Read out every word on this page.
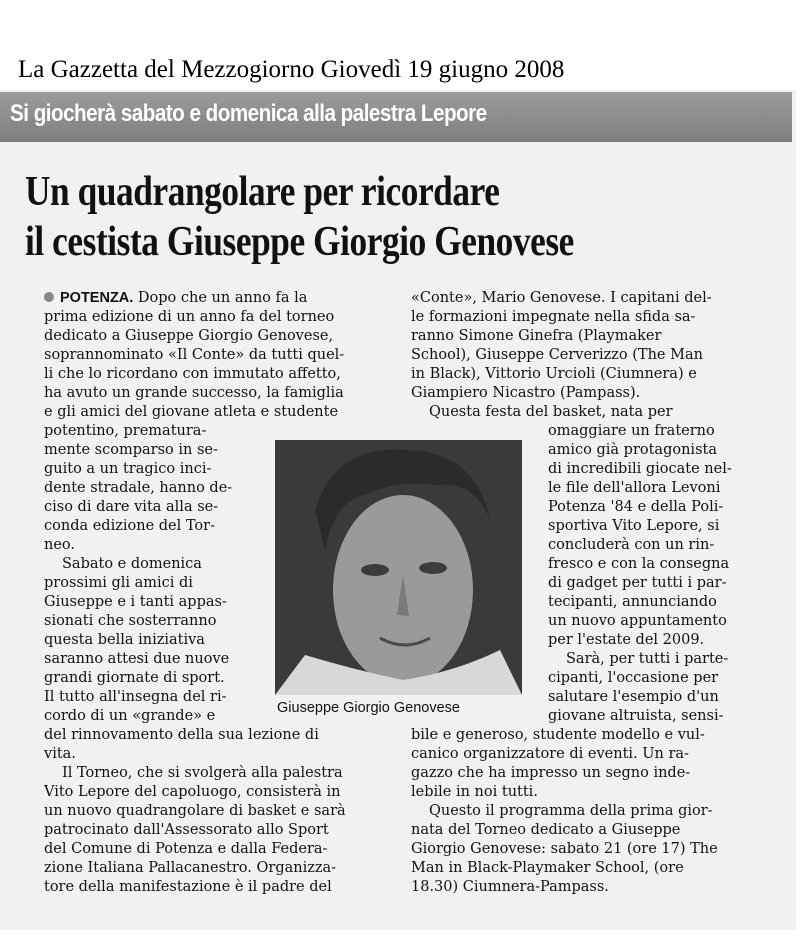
La Gazzetta del Mezzogiorno Giovedì 19 giugno 2008
Si giocherà sabato e domenica alla palestra Lepore
Un quadrangolare per ricordare
il cestista Giuseppe Giorgio Genovese
POTENZA. Dopo che un anno fa la
prima edizione di un anno fa del torneo
dedicato a Giuseppe Giorgio Genovese,
soprannominato «Il Conte» da tutti quel-
li che lo ricordano con immutato affetto,
ha avuto un grande successo, la famiglia
e gli amici del giovane atleta e studente
potentino, prematura-
mente scomparso in se-
guito a un tragico inci-
dente stradale, hanno de-
ciso di dare vita alla se-
conda edizione del Tor-
neo.
Sabato e domenica
prossimi gli amici di
Giuseppe e i tanti appas-
sionati che sosterranno
questa bella iniziativa
saranno attesi due nuove
grandi giornate di sport.
Il tutto all'insegna del ri-
cordo di un «grande» e
del rinnovamento della sua lezione di
vita.
Il Torneo, che si svolgerà alla palestra
Vito Lepore del capoluogo, consisterà in
un nuovo quadrangolare di basket e sarà
patrocinato dall'Assessorato allo Sport
del Comune di Potenza e dalla Federa-
zione Italiana Pallacanestro. Organizza-
tore della manifestazione è il padre del
«Conte», Mario Genovese. I capitani del-
le formazioni impegnate nella sfida sa-
ranno Simone Ginefra (Playmaker
School), Giuseppe Cerverizzo (The Man
in Black), Vittorio Urcioli (Ciumnera) e
Giampiero Nicastro (Pampass).
Questa festa del basket, nata per
omaggiare un fraterno
amico già protagonista
di incredibili giocate nel-
le file dell'allora Levoni
Potenza '84 e della Poli-
sportiva Vito Lepore, si
concluderà con un rin-
fresco e con la consegna
di gadget per tutti i par-
tecipanti, annunciando
un nuovo appuntamento
per l'estate del 2009.
Sarà, per tutti i parte-
cipanti, l'occasione per
salutare l'esempio d'un
giovane altruista, sensi-
bile e generoso, studente modello e vul-
canico organizzatore di eventi. Un ra-
gazzo che ha impresso un segno inde-
lebile in noi tutti.
Questo il programma della prima gior-
nata del Torneo dedicato a Giuseppe
Giorgio Genovese: sabato 21 (ore 17) The
Man in Black-Playmaker School, (ore
18.30) Ciumnera-Pampass.
Giuseppe Giorgio Genovese
